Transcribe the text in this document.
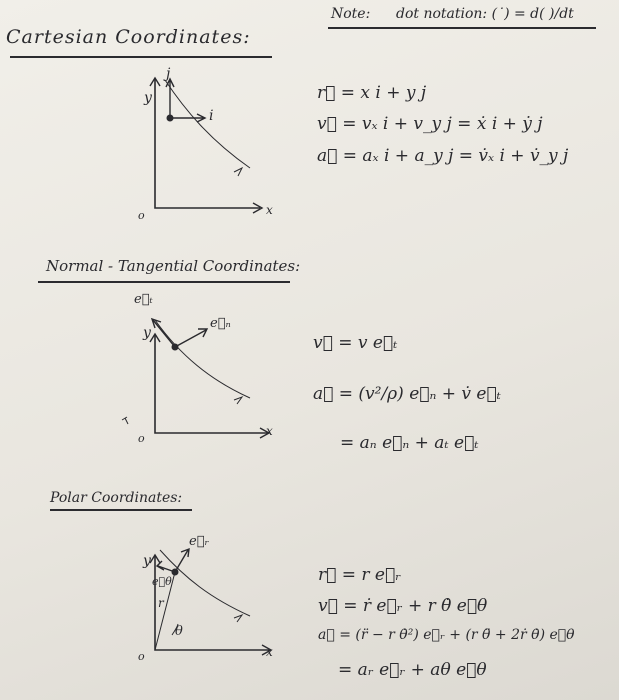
Note: dot notation: (˙) = d( )/dt
Cartesian Coordinates:
y
x
o
j
i
r⃗ = x i + y j
v⃗ = vₓ i + v_y j = ẋ i + ẏ j
a⃗ = aₓ i + a_y j = v̇ₓ i + v̇_y j
Normal - Tangential Coordinates:
e⃗ₜ
e⃗ₙ
y
x
o
v⃗ = v e⃗ₜ
a⃗ = (v²/ρ) e⃗ₙ + v̇ e⃗ₜ
= aₙ e⃗ₙ + aₜ e⃗ₜ
Polar Coordinates:
e⃗ᵣ
e⃗θ
r
θ
y
x
o
r⃗ = r e⃗ᵣ
v⃗ = ṙ e⃗ᵣ + r θ̇ e⃗θ
a⃗ = (r̈ − r θ̇²) e⃗ᵣ + (r θ̈ + 2ṙ θ̇) e⃗θ
= aᵣ e⃗ᵣ + aθ e⃗θ
